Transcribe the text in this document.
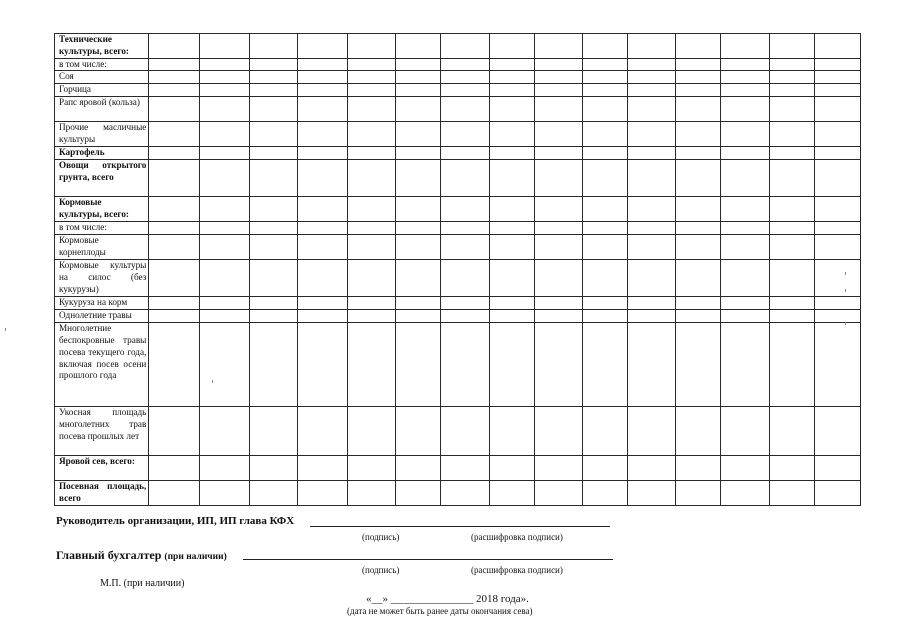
Технические культуры, всего:															
в том числе:															
Соя															
Горчица															
Рапс яровой (кольза)															
Прочие масличные культуры															
Картофель															
Овощи открытого грунта, всего															
Кормовые культуры, всего:															
в том числе:															
Кормовые корнеплоды															
Кормовые культуры на силос (без кукурузы)															
Кукуруза на корм															
Однолетние травы															
Многолетние беспокровные травы посева текущего года, включая посев осени прошлого года															
Укосная площадь многолетних трав посева прошлых лет															
Яровой сев, всего:															
Посевная площадь, всего															
Руководитель организации, ИП, ИП глава КФХ
(подпись)	(расшифровка подписи)
Главный бухгалтер (при наличии)
(подпись)	(расшифровка подписи)
М.П. (при наличии)
«__» _______________ 2018 года».
(дата не может быть ранее даты окончания сева)
